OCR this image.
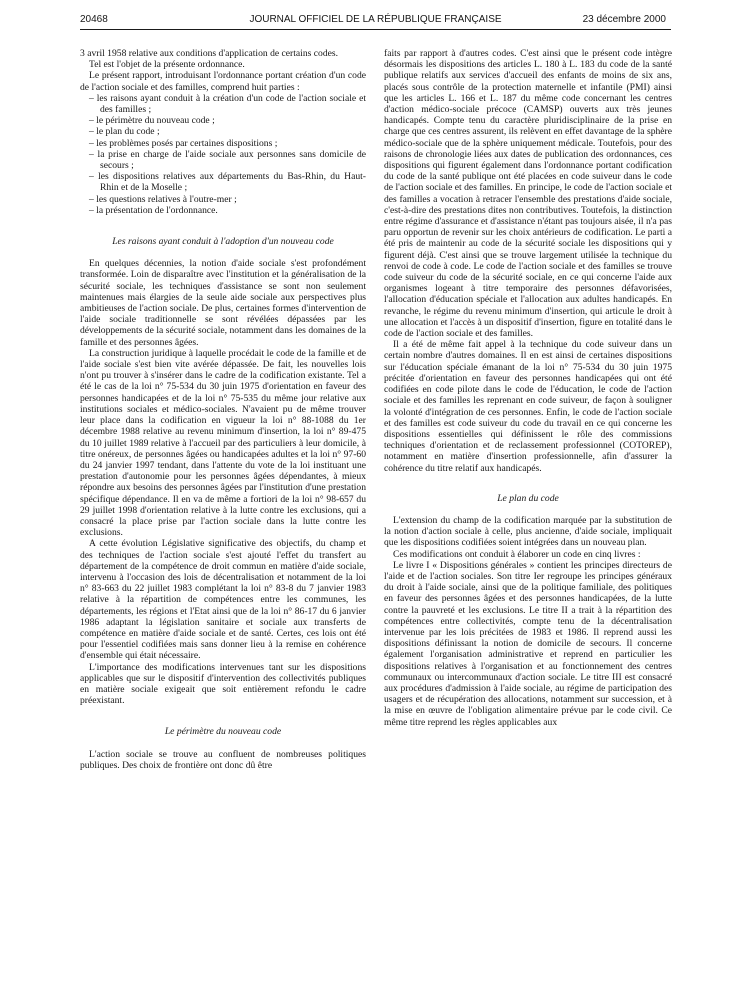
20468	JOURNAL OFFICIEL DE LA RÉPUBLIQUE FRANÇAISE	23 décembre 2000

3 avril 1958 relative aux conditions d'application de certains codes.

Tel est l'objet de la présente ordonnance.

Le présent rapport, introduisant l'ordonnance portant création d'un code de l'action sociale et des familles, comprend huit parties :

– les raisons ayant conduit à la création d'un code de l'action sociale et des familles ;
– le périmètre du nouveau code ;
– le plan du code ;
– les problèmes posés par certaines dispositions ;
– la prise en charge de l'aide sociale aux personnes sans domicile de secours ;
– les dispositions relatives aux départements du Bas-Rhin, du Haut-Rhin et de la Moselle ;
– les questions relatives à l'outre-mer ;
– la présentation de l'ordonnance.
Les raisons ayant conduit à l'adoption d'un nouveau code

En quelques décennies, la notion d'aide sociale s'est profondément transformée. Loin de disparaître avec l'institution et la généralisation de la sécurité sociale, les techniques d'assistance se sont non seulement maintenues mais élargies de la seule aide sociale aux perspectives plus ambitieuses de l'action sociale. De plus, certaines formes d'intervention de l'aide sociale traditionnelle se sont révélées dépassées par les développements de la sécurité sociale, notamment dans les domaines de la famille et des personnes âgées.

La construction juridique à laquelle procédait le code de la famille et de l'aide sociale s'est bien vite avérée dépassée. De fait, les nouvelles lois n'ont pu trouver à s'insérer dans le cadre de la codification existante. Tel a été le cas de la loi n° 75-534 du 30 juin 1975 d'orientation en faveur des personnes handicapées et de la loi n° 75-535 du même jour relative aux institutions sociales et médico-sociales. N'avaient pu de même trouver leur place dans la codification en vigueur la loi n° 88-1088 du 1er décembre 1988 relative au revenu minimum d'insertion, la loi n° 89-475 du 10 juillet 1989 relative à l'accueil par des particuliers à leur domicile, à titre onéreux, de personnes âgées ou handicapées adultes et la loi n° 97-60 du 24 janvier 1997 tendant, dans l'attente du vote de la loi instituant une prestation d'autonomie pour les personnes âgées dépendantes, à mieux répondre aux besoins des personnes âgées par l'institution d'une prestation spécifique dépendance. Il en va de même a fortiori de la loi n° 98-657 du 29 juillet 1998 d'orientation relative à la lutte contre les exclusions, qui a consacré la place prise par l'action sociale dans la lutte contre les exclusions.

A cette évolution Législative significative des objectifs, du champ et des techniques de l'action sociale s'est ajouté l'effet du transfert au département de la compétence de droit commun en matière d'aide sociale, intervenu à l'occasion des lois de décentralisation et notamment de la loi n° 83-663 du 22 juillet 1983 complétant la loi n° 83-8 du 7 janvier 1983 relative à la répartition de compétences entre les communes, les départements, les régions et l'Etat ainsi que de la loi n° 86-17 du 6 janvier 1986 adaptant la législation sanitaire et sociale aux transferts de compétence en matière d'aide sociale et de santé. Certes, ces lois ont été pour l'essentiel codifiées mais sans donner lieu à la remise en cohérence d'ensemble qui était nécessaire.

L'importance des modifications intervenues tant sur les dispositions applicables que sur le dispositif d'intervention des collectivités publiques en matière sociale exigeait que soit entièrement refondu le cadre préexistant.

Le périmètre du nouveau code

L'action sociale se trouve au confluent de nombreuses politiques publiques. Des choix de frontière ont donc dû être

faits par rapport à d'autres codes. C'est ainsi que le présent code intègre désormais les dispositions des articles L. 180 à L. 183 du code de la santé publique relatifs aux services d'accueil des enfants de moins de six ans, placés sous contrôle de la protection maternelle et infantile (PMI) ainsi que les articles L. 166 et L. 187 du même code concernant les centres d'action médico-sociale précoce (CAMSP) ouverts aux très jeunes handicapés. Compte tenu du caractère pluridisciplinaire de la prise en charge que ces centres assurent, ils relèvent en effet davantage de la sphère médico-sociale que de la sphère uniquement médicale. Toutefois, pour des raisons de chronologie liées aux dates de publication des ordonnances, ces dispositions qui figurent également dans l'ordonnance portant codification du code de la santé publique ont été placées en code suiveur dans le code de l'action sociale et des familles. En principe, le code de l'action sociale et des familles a vocation à retracer l'ensemble des prestations d'aide sociale, c'est-à-dire des prestations dites non contributives. Toutefois, la distinction entre régime d'assurance et d'assistance n'étant pas toujours aisée, il n'a pas paru opportun de revenir sur les choix antérieurs de codification. Le parti a été pris de maintenir au code de la sécurité sociale les dispositions qui y figurent déjà. C'est ainsi que se trouve largement utilisée la technique du renvoi de code à code. Le code de l'action sociale et des familles se trouve code suiveur du code de la sécurité sociale, en ce qui concerne l'aide aux organismes logeant à titre temporaire des personnes défavorisées, l'allocation d'éducation spéciale et l'allocation aux adultes handicapés. En revanche, le régime du revenu minimum d'insertion, qui articule le droit à une allocation et l'accès à un dispositif d'insertion, figure en totalité dans le code de l'action sociale et des familles.

Il a été de même fait appel à la technique du code suiveur dans un certain nombre d'autres domaines. Il en est ainsi de certaines dispositions sur l'éducation spéciale émanant de la loi n° 75-534 du 30 juin 1975 précitée d'orientation en faveur des personnes handicapées qui ont été codifiées en code pilote dans le code de l'éducation, le code de l'action sociale et des familles les reprenant en code suiveur, de façon à souligner la volonté d'intégration de ces personnes. Enfin, le code de l'action sociale et des familles est code suiveur du code du travail en ce qui concerne les dispositions essentielles qui définissent le rôle des commissions techniques d'orientation et de reclassement professionnel (COTOREP), notamment en matière d'insertion professionnelle, afin d'assurer la cohérence du titre relatif aux handicapés.

Le plan du code

L'extension du champ de la codification marquée par la substitution de la notion d'action sociale à celle, plus ancienne, d'aide sociale, impliquait que les dispositions codifiées soient intégrées dans un nouveau plan.

Ces modifications ont conduit à élaborer un code en cinq livres :

Le livre I « Dispositions générales » contient les principes directeurs de l'aide et de l'action sociales. Son titre Ier regroupe les principes généraux du droit à l'aide sociale, ainsi que de la politique familiale, des politiques en faveur des personnes âgées et des personnes handicapées, de la lutte contre la pauvreté et les exclusions. Le titre II a trait à la répartition des compétences entre collectivités, compte tenu de la décentralisation intervenue par les lois précitées de 1983 et 1986. Il reprend aussi les dispositions définissant la notion de domicile de secours. Il concerne également l'organisation administrative et reprend en particulier les dispositions relatives à l'organisation et au fonctionnement des centres communaux ou intercommunaux d'action sociale. Le titre III est consacré aux procédures d'admission à l'aide sociale, au régime de participation des usagers et de récupération des allocations, notamment sur succession, et à la mise en œuvre de l'obligation alimentaire prévue par le code civil. Ce même titre reprend les règles applicables aux
